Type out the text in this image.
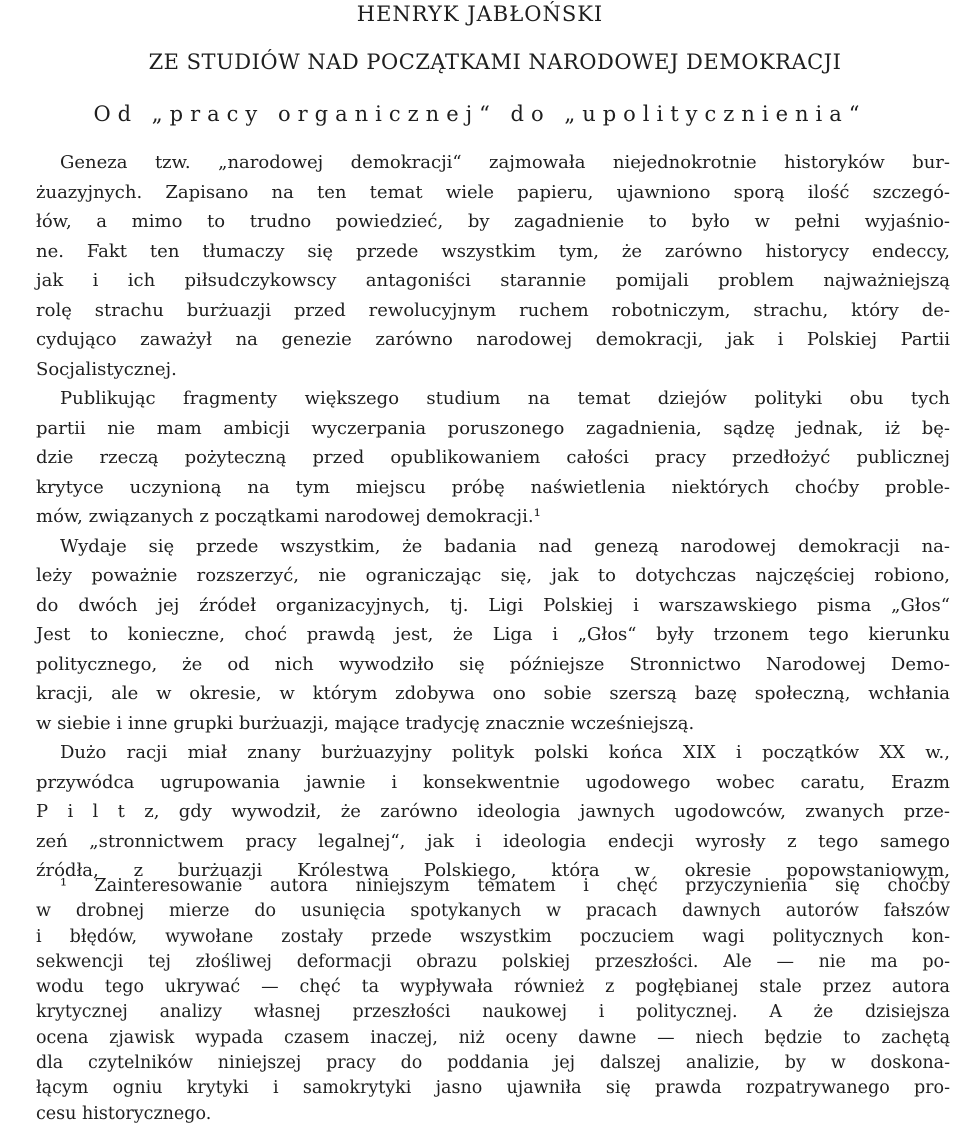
HENRYK JABŁOŃSKI
ZE STUDIÓW NAD POCZĄTKAMI NARODOWEJ DEMOKRACJI
Od „pracy organicznej“ do „upolitycznienia“
Geneza tzw. „narodowej demokracji“ zajmowała niejednokrotnie historyków bur-
żuazyjnych. Zapisano na ten temat wiele papieru, ujawniono sporą ilość szczegó-
łów, a mimo to trudno powiedzieć, by zagadnienie to było w pełni wyjaśnio-
ne. Fakt ten tłumaczy się przede wszystkim tym, że zarówno historycy endeccy,
jak i ich piłsudczykowscy antagoniści starannie pomijali problem najważniejszą
rolę strachu burżuazji przed rewolucyjnym ruchem robotniczym, strachu, który de-
cydująco zaważył na genezie zarówno narodowej demokracji, jak i Polskiej Partii
Socjalistycznej.
Publikując fragmenty większego studium na temat dziejów polityki obu tych
partii nie mam ambicji wyczerpania poruszonego zagadnienia, sądzę jednak, iż bę-
dzie rzeczą pożyteczną przed opublikowaniem całości pracy przedłożyć publicznej
krytyce uczynioną na tym miejscu próbę naświetlenia niektórych choćby proble-
mów, związanych z początkami narodowej demokracji.¹
Wydaje się przede wszystkim, że badania nad genezą narodowej demokracji na-
leży poważnie rozszerzyć, nie ograniczając się, jak to dotychczas najczęściej robiono,
do dwóch jej źródeł organizacyjnych, tj. Ligi Polskiej i warszawskiego pisma „Głos“
Jest to konieczne, choć prawdą jest, że Liga i „Głos“ były trzonem tego kierunku
politycznego, że od nich wywodziło się późniejsze Stronnictwo Narodowej Demo-
kracji, ale w okresie, w którym zdobywa ono sobie szerszą bazę społeczną, wchłania
w siebie i inne grupki burżuazji, mające tradycję znacznie wcześniejszą.
Dużo racji miał znany burżuazyjny polityk polski końca XIX i początków XX w.,
przywódca ugrupowania jawnie i konsekwentnie ugodowego wobec caratu, Erazm
P i l t z, gdy wywodził, że zarówno ideologia jawnych ugodowców, zwanych prze-
zeń „stronnictwem pracy legalnej“, jak i ideologia endecji wyrosły z tego samego
źródła, z burżuazji Królestwa Polskiego, która w okresie popowstaniowym,
¹ Zainteresowanie autora niniejszym tematem i chęć przyczynienia się choćby
w drobnej mierze do usunięcia spotykanych w pracach dawnych autorów fałszów
i błędów, wywołane zostały przede wszystkim poczuciem wagi politycznych kon-
sekwencji tej złośliwej deformacji obrazu polskiej przeszłości. Ale — nie ma po-
wodu tego ukrywać — chęć ta wypływała również z pogłębianej stale przez autora
krytycznej analizy własnej przeszłości naukowej i politycznej. A że dzisiejsza
ocena zjawisk wypada czasem inaczej, niż oceny dawne — niech będzie to zachętą
dla czytelników niniejszej pracy do poddania jej dalszej analizie, by w doskona-
łącym ogniu krytyki i samokrytyki jasno ujawniła się prawda rozpatrywanego pro-
cesu historycznego.
